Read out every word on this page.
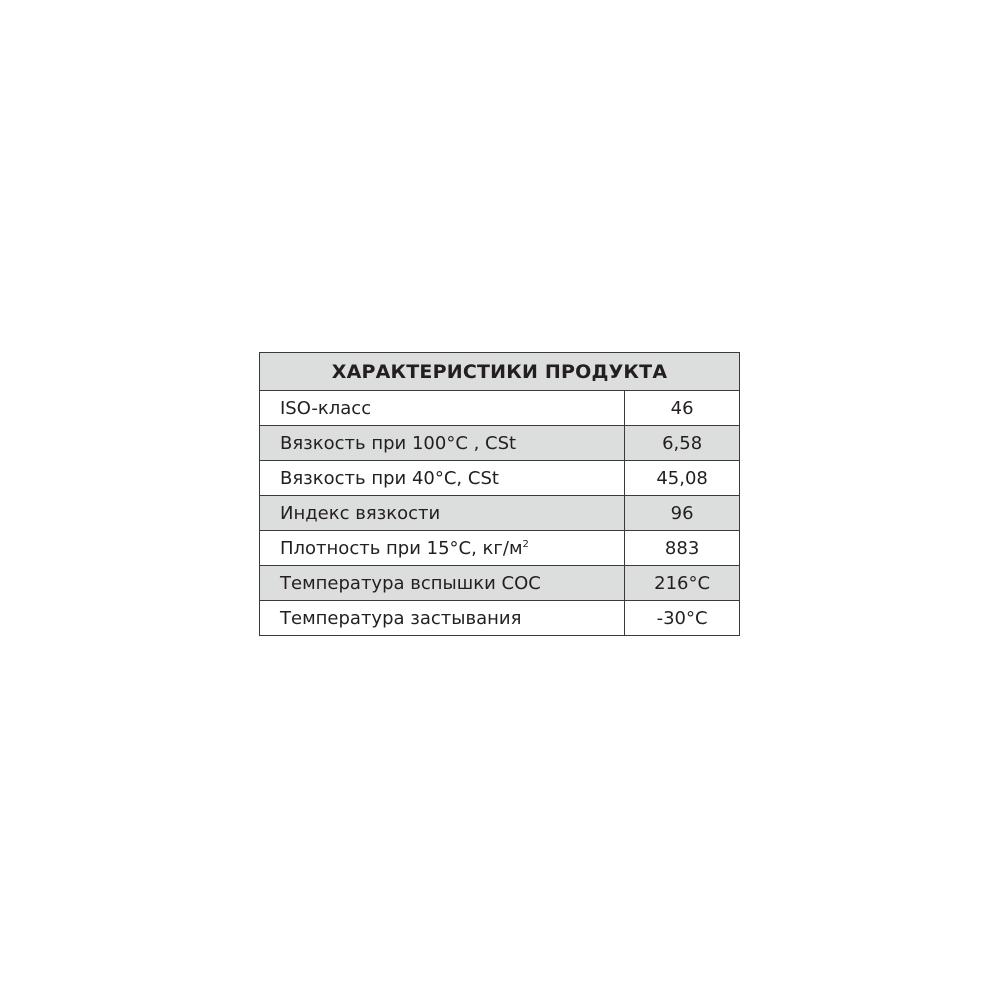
ХАРАКТЕРИСТИКИ ПРОДУКТА	
ISO-класс	46
Вязкость при 100°C , CSt	6,58
Вязкость при 40°C, CSt	45,08
Индекс вязкости	96
Плотность при 15°C, $кг/м^2$	883
Температура вспышки COC	216°C
Температура застывания	-30°C
